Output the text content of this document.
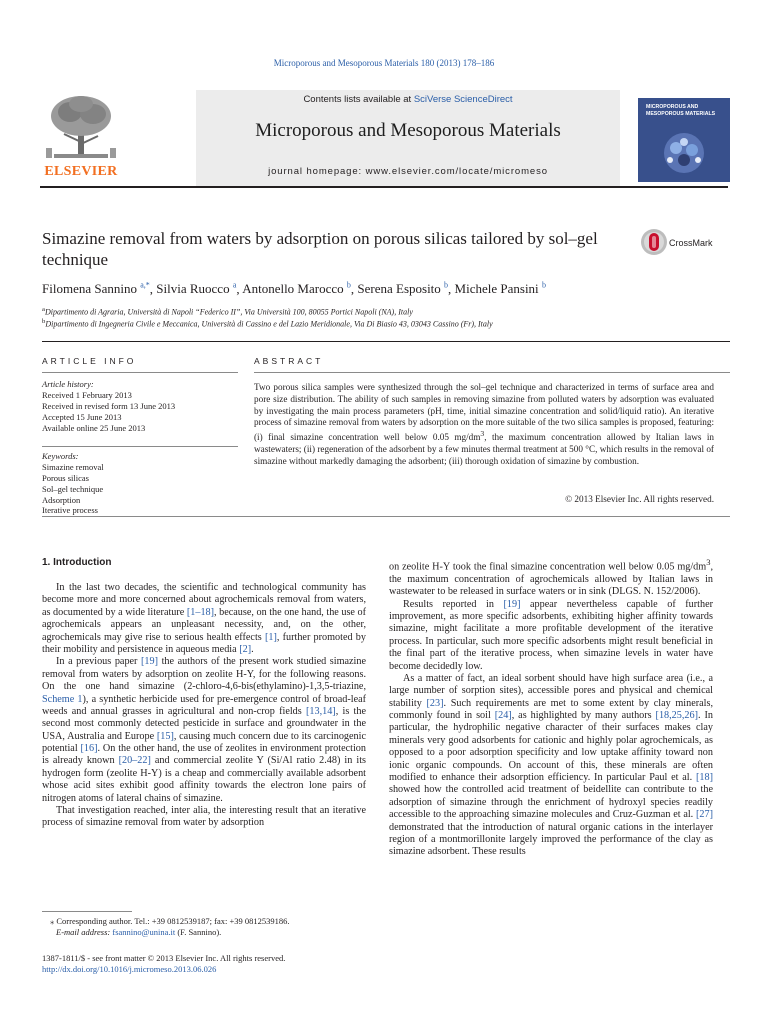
Microporous and Mesoporous Materials 180 (2013) 178–186
Contents lists available at SciVerse ScienceDirect
Microporous and Mesoporous Materials
journal homepage: www.elsevier.com/locate/micromeso
ELSEVIER
MICROPOROUS AND MESOPOROUS MATERIALS
Simazine removal from waters by adsorption on porous silicas tailored by sol–gel technique
CrossMark
Filomena Sannino $^{a,*}$, Silvia Ruocco $^a$, Antonello Marocco $^b$, Serena Esposito $^b$, Michele Pansini $^b$
$^a$Dipartimento di Agraria, Università di Napoli “Federico II”, Via Università 100, 80055 Portici Napoli (NA), Italy
$^b$Dipartimento di Ingegneria Civile e Meccanica, Università di Cassino e del Lazio Meridionale, Via Di Biasio 43, 03043 Cassino (Fr), Italy
ARTICLE INFO	ABSTRACT
Article history:
Received 1 February 2013
Received in revised form 13 June 2013
Accepted 15 June 2013
Available online 25 June 2013
Keywords:
Simazine removal
Porous silicas
Sol–gel technique
Adsorption
Iterative process
Two porous silica samples were synthesized through the sol–gel technique and characterized in terms of surface area and pore size distribution. The ability of such samples in removing simazine from polluted waters by adsorption was evaluated by investigating the main process parameters (pH, time, initial simazine concentration and solid/liquid ratio). An iterative process of simazine removal from waters by adsorption on the more suitable of the two silica samples is proposed, featuring: (i) final simazine concentration well below 0.05 $mg/dm^3$, the maximum concentration allowed by Italian laws in wastewaters; (ii) regeneration of the adsorbent by a few minutes thermal treatment at 500 °C, which results in the removal of simazine without markedly damaging the adsorbent; (iii) thorough oxidation of simazine by combustion.
© 2013 Elsevier Inc. All rights reserved.
1. Introduction

In the last two decades, the scientific and technological community has become more and more concerned about agrochemicals removal from waters, as documented by a wide literature [1–18], because, on the one hand, the use of agrochemicals appears an unpleasant necessity, and, on the other, agrochemicals may give rise to serious health effects [1], further promoted by their mobility and persistence in aqueous media [2].

In a previous paper [19] the authors of the present work studied simazine removal from waters by adsorption on zeolite H-Y, for the following reasons. On the one hand simazine (2-chloro-4,6-bis(ethylamino)-1,3,5-triazine, Scheme 1), a synthetic herbicide used for pre-emergence control of broad-leaf weeds and annual grasses in agricultural and non-crop fields [13,14], is the second most commonly detected pesticide in surface and groundwater in the USA, Australia and Europe [15], causing much concern due to its carcinogenic potential [16]. On the other hand, the use of zeolites in environment protection is already known [20–22] and commercial zeolite Y (Si/Al ratio 2.48) in its hydrogen form (zeolite H-Y) is a cheap and commercially available adsorbent whose acid sites exhibit good affinity towards the electron lone pairs of nitrogen atoms of lateral chains of simazine.

That investigation reached, inter alia, the interesting result that an iterative process of simazine removal from water by adsorption

on zeolite H-Y took the final simazine concentration well below 0.05 $mg/dm^3$, the maximum concentration of agrochemicals allowed by Italian laws in wastewater to be released in surface waters or in sink (DLGS. N. 152/2006).

Results reported in [19] appear nevertheless capable of further improvement, as more specific adsorbents, exhibiting higher affinity towards simazine, might facilitate a more profitable development of the iterative process. In particular, such more specific adsorbents might result beneficial in the final part of the iterative process, when simazine levels in water have become decidedly low.

As a matter of fact, an ideal sorbent should have high surface area (i.e., a large number of sorption sites), accessible pores and physical and chemical stability [23]. Such requirements are met to some extent by clay minerals, commonly found in soil [24], as highlighted by many authors [18,25,26]. In particular, the hydrophilic negative character of their surfaces makes clay minerals very good adsorbents for cationic and highly polar agrochemicals, as opposed to a poor adsorption specificity and low uptake affinity toward non ionic organic compounds. On account of this, these minerals are often modified to enhance their adsorption efficiency. In particular Paul et al. [18] showed how the controlled acid treatment of beidellite can contribute to the adsorption of simazine through the enrichment of hydroxyl species readily accessible to the approaching simazine molecules and Cruz-Guzman et al. [27] demonstrated that the introduction of natural organic cations in the interlayer region of a montmorillonite largely improved the performance of the clay as simazine adsorbent. These results

⁎ Corresponding author. Tel.: +39 0812539187; fax: +39 0812539186.
E-mail address: fsannino@unina.it (F. Sannino).
1387-1811/$ - see front matter © 2013 Elsevier Inc. All rights reserved.
http://dx.doi.org/10.1016/j.micromeso.2013.06.026
